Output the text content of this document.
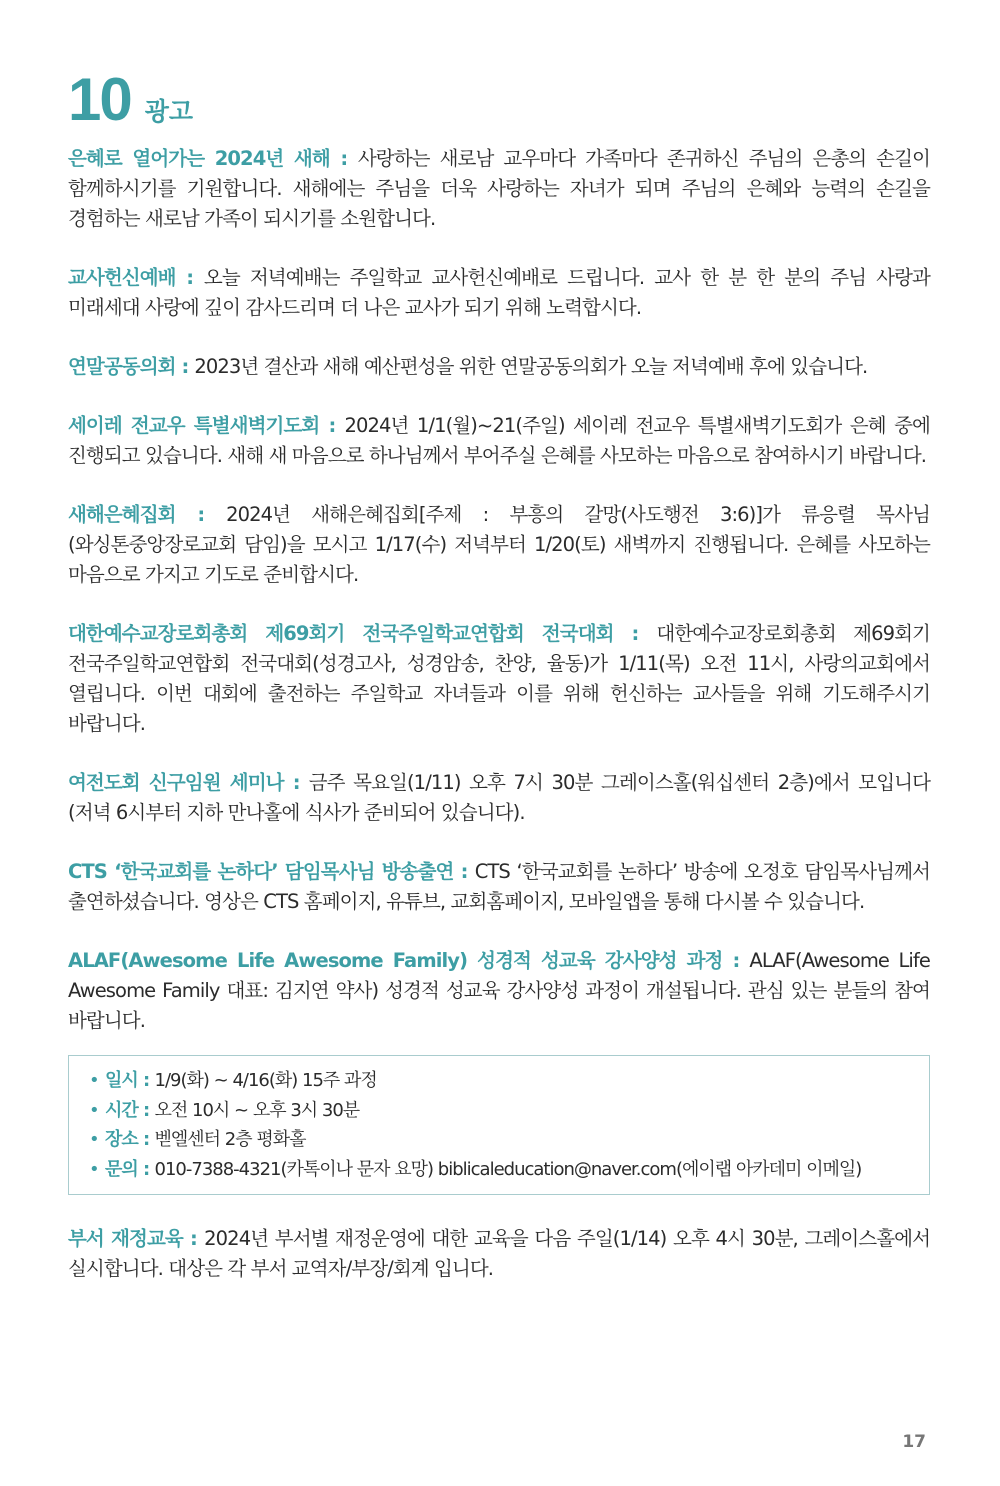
10 광고

은혜로 열어가는 2024년 새해 : 사랑하는 새로남 교우마다 가족마다 존귀하신 주님의 은총의 손길이 함께하시기를 기원합니다. 새해에는 주님을 더욱 사랑하는 자녀가 되며 주님의 은혜와 능력의 손길을 경험하는 새로남 가족이 되시기를 소원합니다.

교사헌신예배 : 오늘 저녁예배는 주일학교 교사헌신예배로 드립니다. 교사 한 분 한 분의 주님 사랑과 미래세대 사랑에 깊이 감사드리며 더 나은 교사가 되기 위해 노력합시다.

연말공동의회 : 2023년 결산과 새해 예산편성을 위한 연말공동의회가 오늘 저녁예배 후에 있습니다.

세이레 전교우 특별새벽기도회 : 2024년 1/1(월)~21(주일) 세이레 전교우 특별새벽기도회가 은혜 중에 진행되고 있습니다. 새해 새 마음으로 하나님께서 부어주실 은혜를 사모하는 마음으로 참여하시기 바랍니다.

새해은혜집회 : 2024년 새해은혜집회[주제 : 부흥의 갈망(사도행전 3:6)]가 류응렬 목사님(와싱톤중앙장로교회 담임)을 모시고 1/17(수) 저녁부터 1/20(토) 새벽까지 진행됩니다. 은혜를 사모하는 마음으로 가지고 기도로 준비합시다.

대한예수교장로회총회 제69회기 전국주일학교연합회 전국대회 : 대한예수교장로회총회 제69회기 전국주일학교연합회 전국대회(성경고사, 성경암송, 찬양, 율동)가 1/11(목) 오전 11시, 사랑의교회에서 열립니다. 이번 대회에 출전하는 주일학교 자녀들과 이를 위해 헌신하는 교사들을 위해 기도해주시기 바랍니다.

여전도회 신구임원 세미나 : 금주 목요일(1/11) 오후 7시 30분 그레이스홀(워십센터 2층)에서 모입니다 (저녁 6시부터 지하 만나홀에 식사가 준비되어 있습니다).

CTS ‘한국교회를 논하다’ 담임목사님 방송출연 : CTS ‘한국교회를 논하다’ 방송에 오정호 담임목사님께서 출연하셨습니다. 영상은 CTS 홈페이지, 유튜브, 교회홈페이지, 모바일앱을 통해 다시볼 수 있습니다.

ALAF(Awesome Life Awesome Family) 성경적 성교육 강사양성 과정 : ALAF(Awesome Life Awesome Family 대표: 김지연 약사) 성경적 성교육 강사양성 과정이 개설됩니다. 관심 있는 분들의 참여 바랍니다.

• 일시 : 1/9(화) ~ 4/16(화) 15주 과정
• 시간 : 오전 10시 ~ 오후 3시 30분
• 장소 : 벧엘센터 2층 평화홀
• 문의 : 010-7388-4321(카톡이나 문자 요망) biblicaleducation@naver.com(에이랩 아카데미 이메일)

부서 재정교육 : 2024년 부서별 재정운영에 대한 교육을 다음 주일(1/14) 오후 4시 30분, 그레이스홀에서 실시합니다. 대상은 각 부서 교역자/부장/회계 입니다.

17
